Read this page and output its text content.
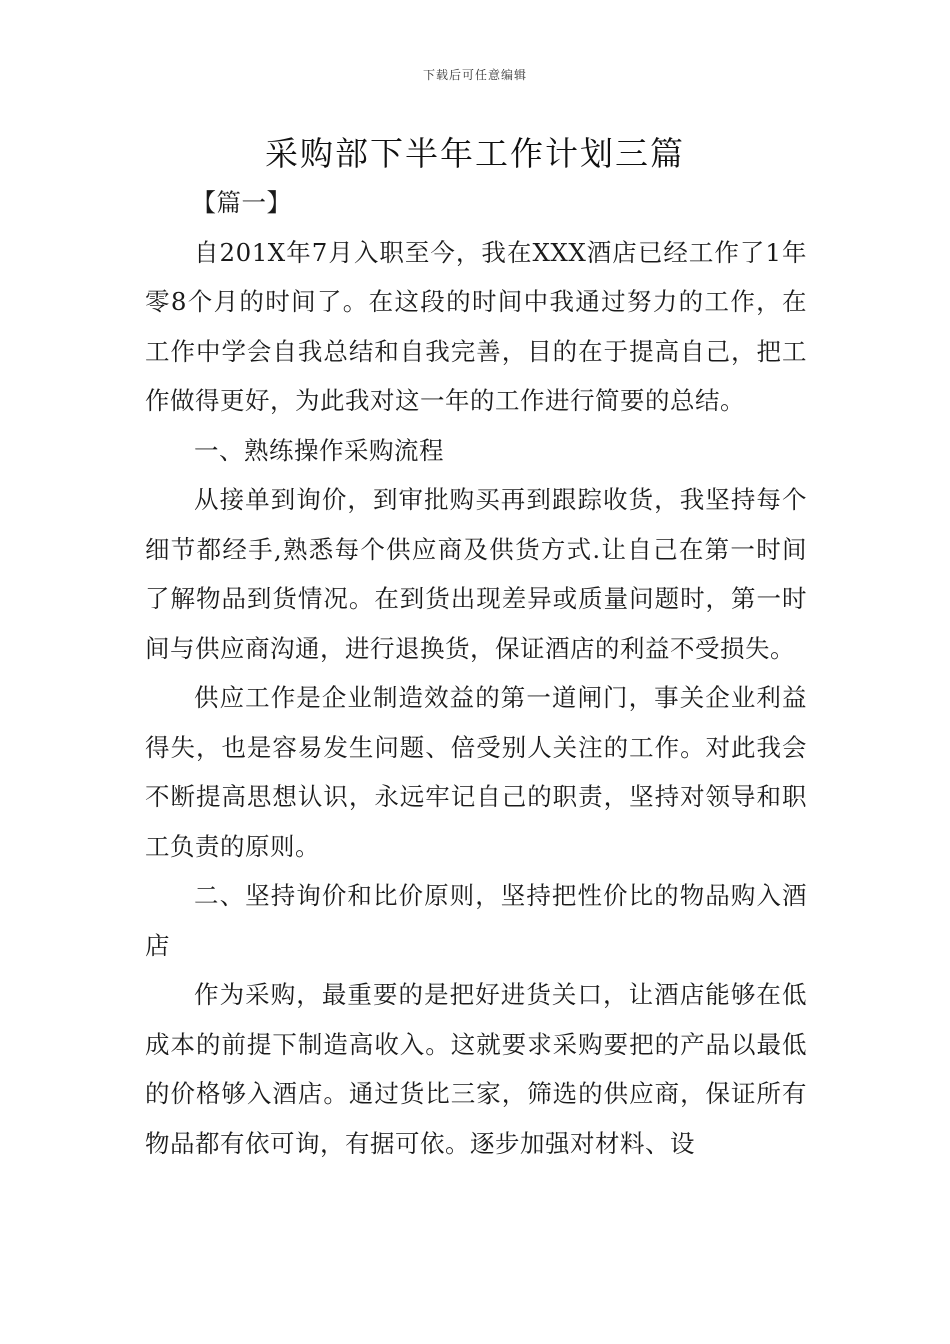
下载后可任意编辑
采购部下半年工作计划三篇

【篇一】

自201X年7月入职至今，我在XXX酒店已经工作了1年零8个月的时间了。在这段的时间中我通过努力的工作，在工作中学会自我总结和自我完善，目的在于提高自己，把工作做得更好，为此我对这一年的工作进行简要的总结。

一、熟练操作采购流程

从接单到询价，到审批购买再到跟踪收货，我坚持每个细节都经手,熟悉每个供应商及供货方式.让自己在第一时间了解物品到货情况。在到货出现差异或质量问题时，第一时间与供应商沟通，进行退换货，保证酒店的利益不受损失。

供应工作是企业制造效益的第一道闸门，事关企业利益得失，也是容易发生问题、倍受别人关注的工作。对此我会不断提高思想认识，永远牢记自己的职责，坚持对领导和职工负责的原则。

二、坚持询价和比价原则，坚持把性价比的物品购入酒店

作为采购，最重要的是把好进货关口，让酒店能够在低成本的前提下制造高收入。这就要求采购要把的产品以最低的价格够入酒店。通过货比三家，筛选的供应商，保证所有物品都有依可询，有据可依。逐步加强对材料、设
